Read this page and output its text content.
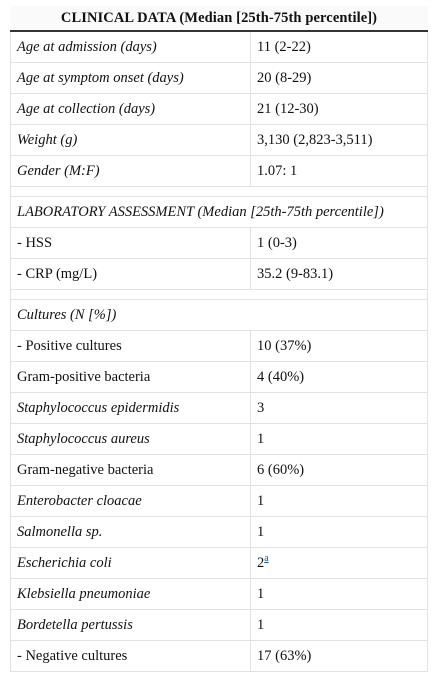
CLINICAL DATA (Median [25th-75th percentile])	
Age at admission (days)	11 (2-22)
Age at symptom onset (days)	20 (8-29)
Age at collection (days)	21 (12-30)
Weight (g)	3,130 (2,823-3,511)
Gender (M:F)	1.07: 1

LABORATORY ASSESSMENT (Median [25th-75th percentile])	
- HSS	1 (0-3)
- CRP (mg/L)	35.2 (9-83.1)

Cultures (N [%])	
- Positive cultures	10 (37%)
Gram-positive bacteria	4 (40%)
Staphylococcus epidermidis	3
Staphylococcus aureus	1
Gram-negative bacteria	6 (60%)
Enterobacter cloacae	1
Salmonella sp.	1
Escherichia coli	2$^a$
Klebsiella pneumoniae	1
Bordetella pertussis	1
- Negative cultures	17 (63%)
